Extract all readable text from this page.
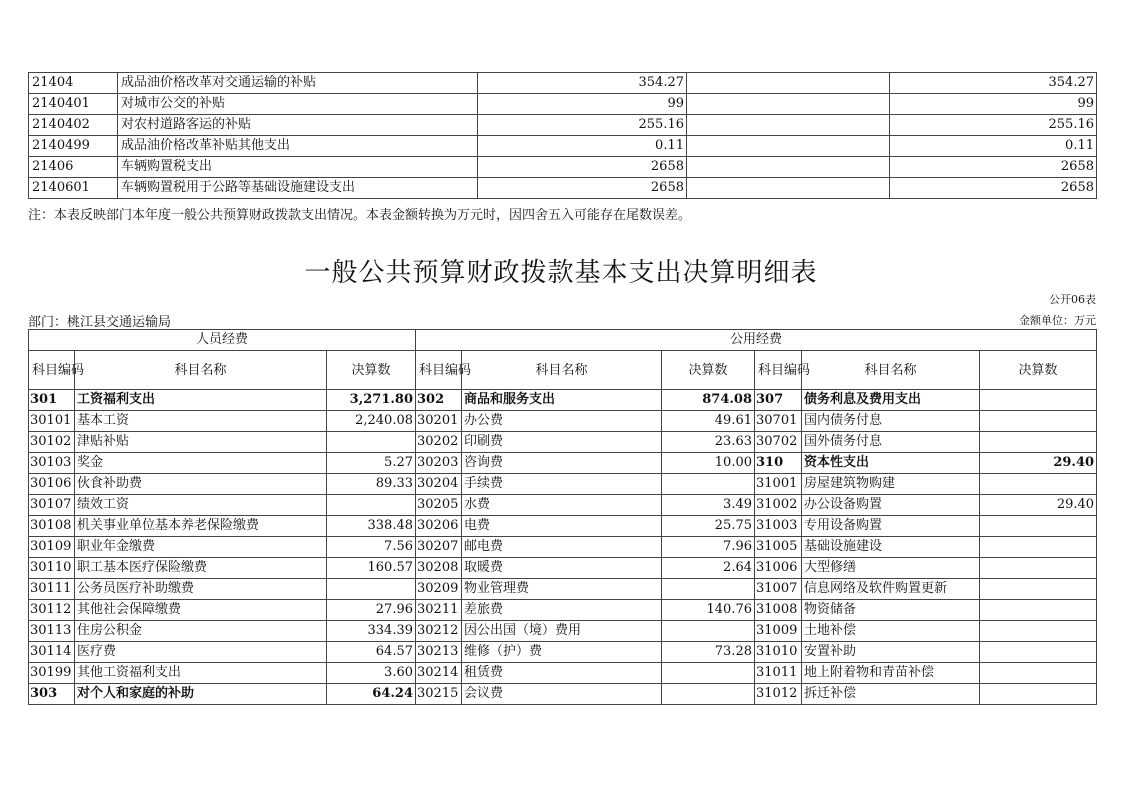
21404	成品油价格改革对交通运输的补贴	354.27		354.27
2140401	对城市公交的补贴	99		99
2140402	对农村道路客运的补贴	255.16		255.16
2140499	成品油价格改革补贴其他支出	0.11		0.11
21406	车辆购置税支出	2658		2658
2140601	车辆购置税用于公路等基础设施建设支出	2658		2658
注：本表反映部门本年度一般公共预算财政拨款支出情况。本表金额转换为万元时，因四舍五入可能存在尾数误差。
一般公共预算财政拨款基本支出决算明细表
公开06表
部门：桃江县交通运输局	金额单位：万元
人员经费			公用经费					
科目编码	科目名称	决算数	科目编码	科目名称	决算数	科目编码	科目名称	决算数
301	工资福利支出	3,271.80	302	商品和服务支出	874.08	307	债务利息及费用支出	
30101	基本工资	2,240.08	30201	办公费	49.61	30701	国内债务付息	
30102	津贴补贴		30202	印刷费	23.63	30702	国外债务付息	
30103	奖金	5.27	30203	咨询费	10.00	310	资本性支出	29.40
30106	伙食补助费	89.33	30204	手续费		31001	房屋建筑物购建	
30107	绩效工资		30205	水费	3.49	31002	办公设备购置	29.40
30108	机关事业单位基本养老保险缴费	338.48	30206	电费	25.75	31003	专用设备购置	
30109	职业年金缴费	7.56	30207	邮电费	7.96	31005	基础设施建设	
30110	职工基本医疗保险缴费	160.57	30208	取暖费	2.64	31006	大型修缮	
30111	公务员医疗补助缴费		30209	物业管理费		31007	信息网络及软件购置更新	
30112	其他社会保障缴费	27.96	30211	差旅费	140.76	31008	物资储备	
30113	住房公积金	334.39	30212	因公出国（境）费用		31009	土地补偿	
30114	医疗费	64.57	30213	维修（护）费	73.28	31010	安置补助	
30199	其他工资福利支出	3.60	30214	租赁费		31011	地上附着物和青苗补偿	
303	对个人和家庭的补助	64.24	30215	会议费		31012	拆迁补偿	
